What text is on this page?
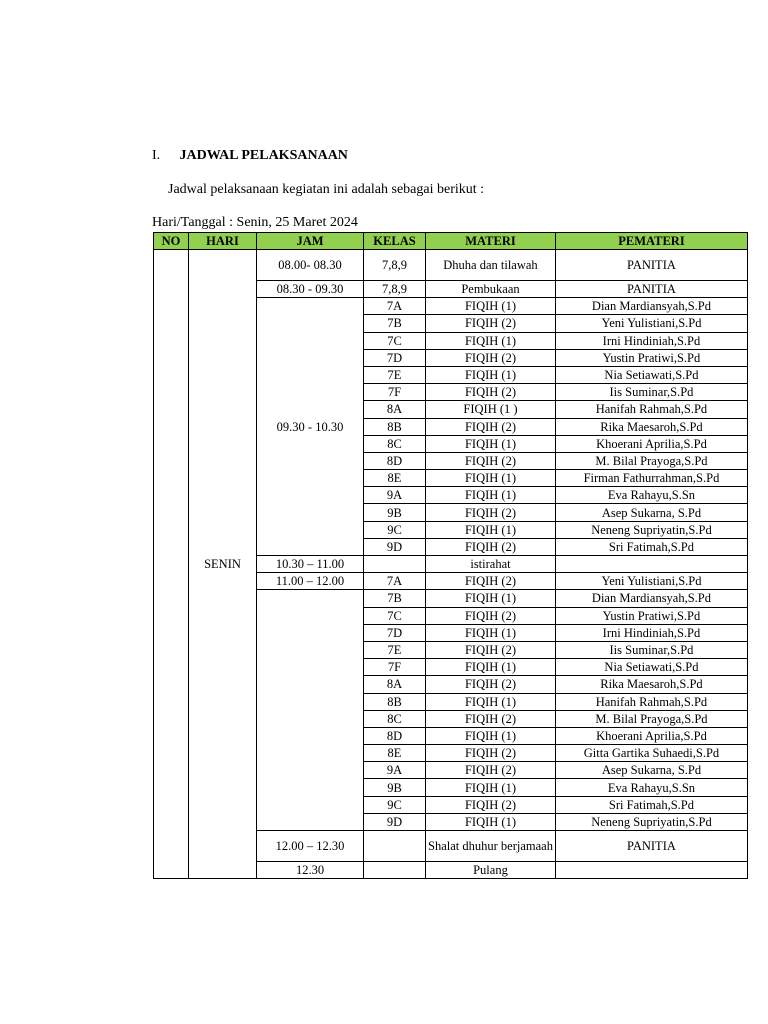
I. JADWAL PELAKSANAAN
Jadwal pelaksanaan kegiatan ini adalah sebagai berikut :
Hari/Tanggal : Senin, 25 Maret 2024
NO	HARI	JAM	KELAS	MATERI	PEMATERI
	SENIN	08.00- 08.30	7,8,9	Dhuha dan tilawah	PANITIA
		08.30 - 09.30	7,8,9	Pembukaan	PANITIA
		09.30 - 10.30	7A	FIQIH (1)	Dian Mardiansyah,S.Pd
			7B	FIQIH (2)	Yeni Yulistiani,S.Pd
			7C	FIQIH (1)	Irni Hindiniah,S.Pd
			7D	FIQIH (2)	Yustin Pratiwi,S.Pd
			7E	FIQIH (1)	Nia Setiawati,S.Pd
			7F	FIQIH (2)	Iis Suminar,S.Pd
			8A	FIQIH (1 )	Hanifah Rahmah,S.Pd
			8B	FIQIH (2)	Rika Maesaroh,S.Pd
			8C	FIQIH (1)	Khoerani Aprilia,S.Pd
			8D	FIQIH (2)	M. Bilal Prayoga,S.Pd
			8E	FIQIH (1)	Firman Fathurrahman,S.Pd
			9A	FIQIH (1)	Eva Rahayu,S.Sn
			9B	FIQIH (2)	Asep Sukarna, S.Pd
			9C	FIQIH (1)	Neneng Supriyatin,S.Pd
			9D	FIQIH (2)	Sri Fatimah,S.Pd
		10.30 – 11.00		istirahat	
		11.00 – 12.00	7A	FIQIH (2)	Yeni Yulistiani,S.Pd
			7B	FIQIH (1)	Dian Mardiansyah,S.Pd
			7C	FIQIH (2)	Yustin Pratiwi,S.Pd
			7D	FIQIH (1)	Irni Hindiniah,S.Pd
			7E	FIQIH (2)	Iis Suminar,S.Pd
			7F	FIQIH (1)	Nia Setiawati,S.Pd
			8A	FIQIH (2)	Rika Maesaroh,S.Pd
			8B	FIQIH (1)	Hanifah Rahmah,S.Pd
			8C	FIQIH (2)	M. Bilal Prayoga,S.Pd
			8D	FIQIH (1)	Khoerani Aprilia,S.Pd
			8E	FIQIH (2)	Gitta Gartika Suhaedi,S.Pd
			9A	FIQIH (2)	Asep Sukarna, S.Pd
			9B	FIQIH (1)	Eva Rahayu,S.Sn
			9C	FIQIH (2)	Sri Fatimah,S.Pd
			9D	FIQIH (1)	Neneng Supriyatin,S.Pd
		12.00 – 12.30		Shalat dhuhur berjamaah	PANITIA
		12.30		Pulang	
